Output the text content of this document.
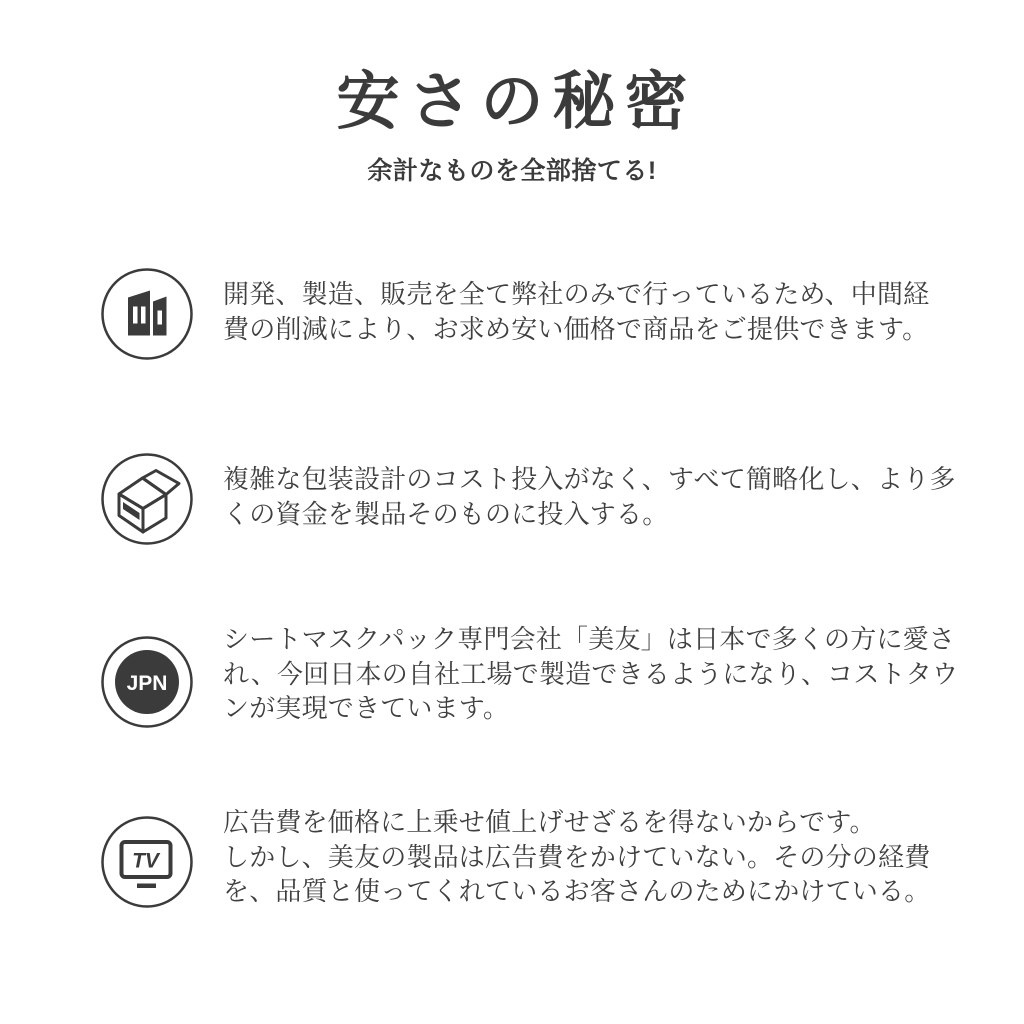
安さの秘密
余計なものを全部捨てる!
開発、製造、販売を全て弊社のみで行っているため、中間経
費の削減により、お求め安い価格で商品をご提供できます。
複雑な包装設計のコスト投入がなく、すべて簡略化し、より多
くの資金を製品そのものに投入する。
JPN
シートマスクパック専門会社「美友」は日本で多くの方に愛さ
れ、今回日本の自社工場で製造できるようになり、コストタウ
ンが実現できています。
TV
広告費を価格に上乗せ値上げせざるを得ないからです。
しかし、美友の製品は広告費をかけていない。その分の経費
を、品質と使ってくれているお客さんのためにかけている。
